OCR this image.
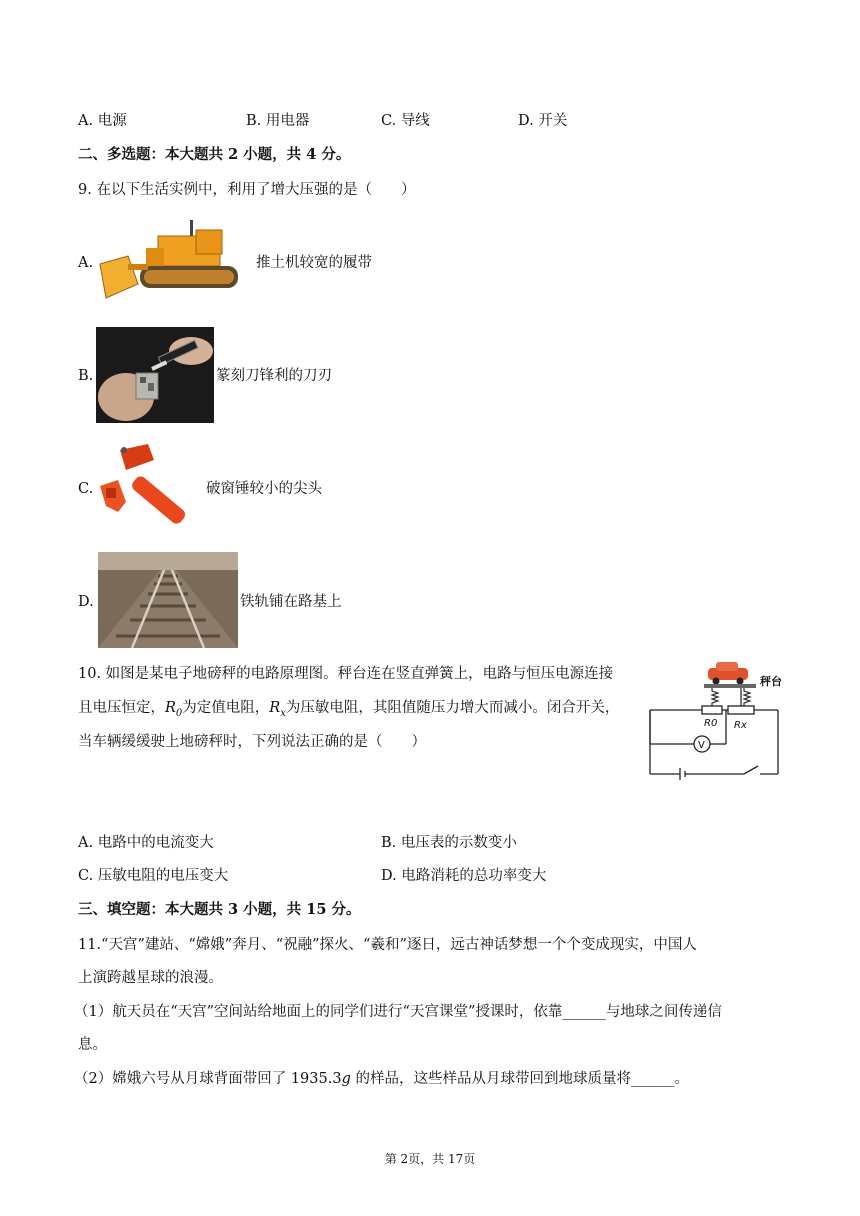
A. 电源	B. 用电器	C. 导线	D. 开关
二、多选题：本大题共 2 小题，共 4 分。
9. 在以下生活实例中，利用了增大压强的是（　　）
A.	推土机较宽的履带
B.	篆刻刀锋利的刀刃
C.	破窗锤较小的尖头
D.	铁轨铺在路基上
10. 如图是某电子地磅秤的电路原理图。秤台连在竖直弹簧上，电路与恒压电源连接
且电压恒定，$R_0$为定值电阻，$R_x$为压敏电阻，其阻值随压力增大而减小。闭合开关，
当车辆缓缓驶上地磅秤时，下列说法正确的是（　　）
秤台
V
R0 Rx
A. 电路中的电流变大	B. 电压表的示数变小
C. 压敏电阻的电压变大	D. 电路消耗的总功率变大
三、填空题：本大题共 3 小题，共 15 分。
11.“天宫”建站、“嫦娥”奔月、“祝融”探火、“羲和”逐日，远古神话梦想一个个变成现实，中国人
上演跨越星球的浪漫。
（1）航天员在“天宫”空间站给地面上的同学们进行“天宫课堂”授课时，依靠______与地球之间传递信
息。
（2）嫦娥六号从月球背面带回了 1935.3g 的样品，这些样品从月球带回到地球质量将______。
第 2页，共 17页
